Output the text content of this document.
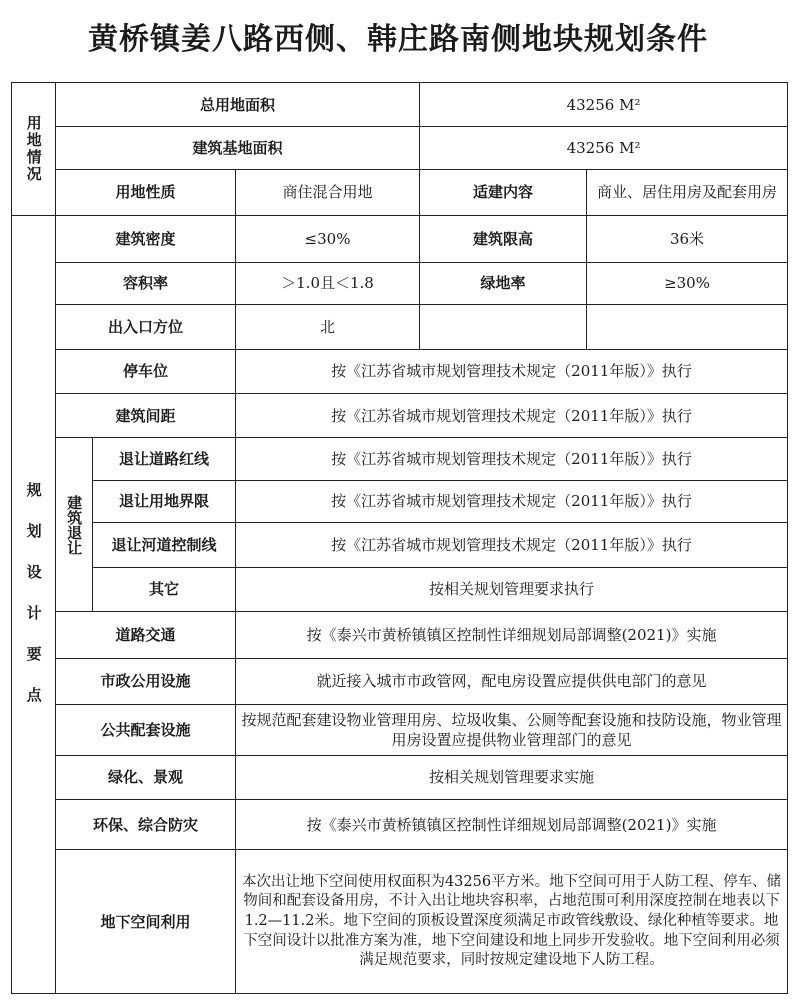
黄桥镇姜八路西侧、韩庄路南侧地块规划条件
用地情况	总用地面积			43256 M²	
	建筑基地面积			43256 M²	
	用地性质		商住混合用地	适建内容	商业、居住用房及配套用房

规划设计要点	建筑密度		≤30%	建筑限高	36米
	容积率		＞1.0且＜1.8	绿地率	≥30%
	出入口方位		北		
	停车位		按《江苏省城市规划管理技术规定（2011年版）》执行		
	建筑间距		按《江苏省城市规划管理技术规定（2011年版）》执行		

	建筑退让	退让道路红线	按《江苏省城市规划管理技术规定（2011年版）》执行		
		退让用地界限	按《江苏省城市规划管理技术规定（2011年版）》执行		
		退让河道控制线	按《江苏省城市规划管理技术规定（2011年版）》执行		
		其它	按相关规划管理要求执行		
	道路交通		按《泰兴市黄桥镇镇区控制性详细规划局部调整(2021)》实施		
	市政公用设施		就近接入城市市政管网，配电房设置应提供供电部门的意见		
	公共配套设施		按规范配套建设物业管理用房、垃圾收集、公厕等配套设施和技防设施，物业管理用房设置应提供物业管理部门的意见		
	绿化、景观		按相关规划管理要求实施		
	环保、综合防灾		按《泰兴市黄桥镇镇区控制性详细规划局部调整(2021)》实施		
	地下空间利用		本次出让地下空间使用权面积为43256平方米。地下空间可用于人防工程、停车、储物间和配套设备用房，不计入出让地块容积率，占地范围可利用深度控制在地表以下1.2—11.2米。地下空间的顶板设置深度须满足市政管线敷设、绿化种植等要求。地下空间设计以批准方案为准，地下空间建设和地上同步开发验收。地下空间利用必须满足规范要求，同时按规定建设地下人防工程。		
